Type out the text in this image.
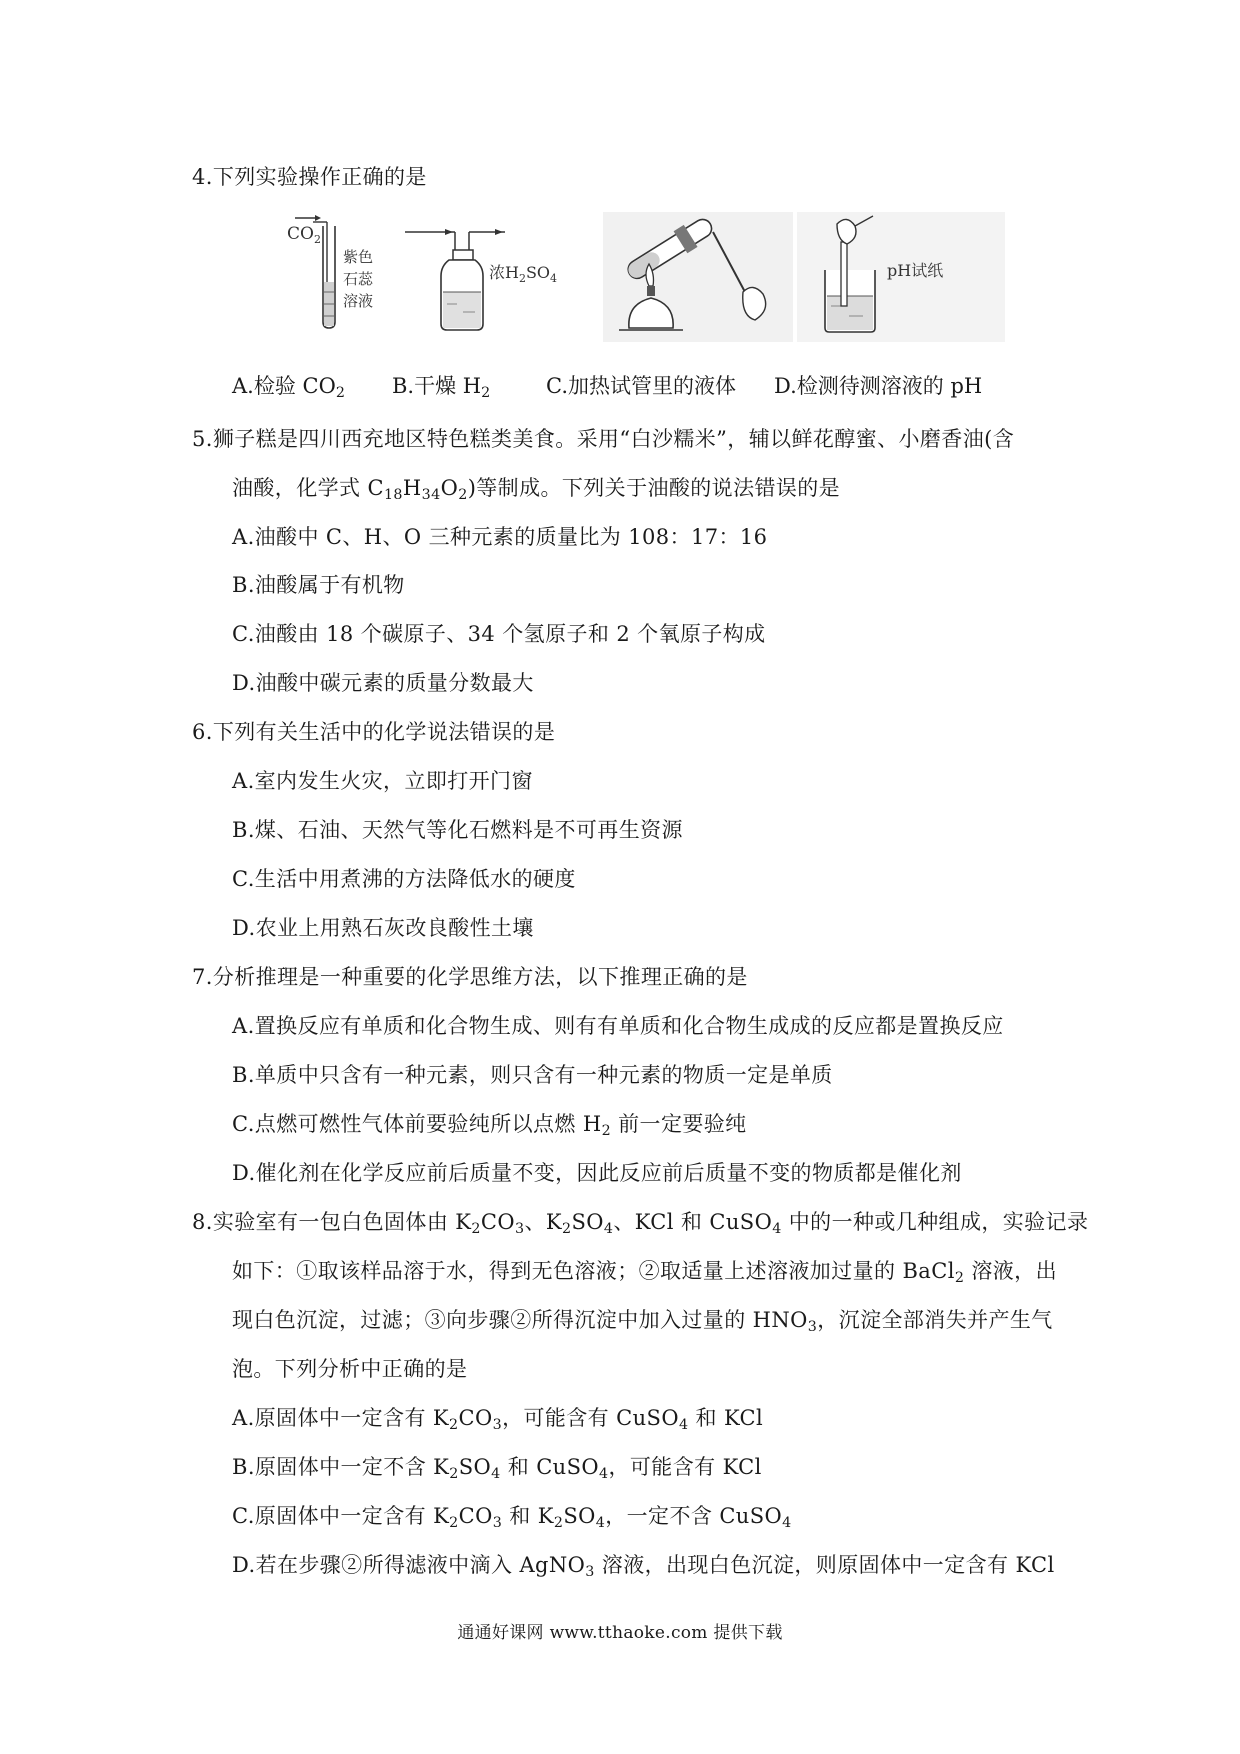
4.下列实验操作正确的是
$CO_2$
紫色
石蕊
溶液
浓$H_2SO_4$	pH试纸
A.检验 $CO_2$ B.干燥 $H_2$	C.加热试管里的液体 D.检测待测溶液的 pH
5.狮子糕是四川西充地区特色糕类美食。采用“白沙糯米”，辅以鲜花醇蜜、小磨香油(含
油酸，化学式 $C_{18}H_{34}O_2$)等制成。下列关于油酸的说法错误的是
A.油酸中 C、H、O 三种元素的质量比为 108：17：16
B.油酸属于有机物
C.油酸由 18 个碳原子、34 个氢原子和 2 个氧原子构成
D.油酸中碳元素的质量分数最大
6.下列有关生活中的化学说法错误的是
A.室内发生火灾，立即打开门窗
B.煤、石油、天然气等化石燃料是不可再生资源
C.生活中用煮沸的方法降低水的硬度
D.农业上用熟石灰改良酸性土壤
7.分析推理是一种重要的化学思维方法，以下推理正确的是
A.置换反应有单质和化合物生成、则有有单质和化合物生成成的反应都是置换反应
B.单质中只含有一种元素，则只含有一种元素的物质一定是单质
C.点燃可燃性气体前要验纯所以点燃 $H_2$ 前一定要验纯
D.催化剂在化学反应前后质量不变，因此反应前后质量不变的物质都是催化剂
8.实验室有一包白色固体由 $K_2CO_3$、$K_2SO_4$、KCl 和 CuSO$_4$ 中的一种或几种组成，实验记录
如下：①取该样品溶于水，得到无色溶液；②取适量上述溶液加过量的 BaCl$_2$ 溶液，出
现白色沉淀，过滤；③向步骤②所得沉淀中加入过量的 $HNO_3$，沉淀全部消失并产生气
泡。下列分析中正确的是
A.原固体中一定含有 $K_2CO_3$，可能含有 CuSO$_4$ 和 KCl
B.原固体中一定不含 $K_2SO_4$ 和 CuSO$_4$，可能含有 KCl
C.原固体中一定含有 $K_2CO_3$ 和 $K_2SO_4$，一定不含 CuSO$_4$
D.若在步骤②所得滤液中滴入 AgNO$_3$ 溶液，出现白色沉淀，则原固体中一定含有 KCl
通通好课网 www.tthaoke.com 提供下载
